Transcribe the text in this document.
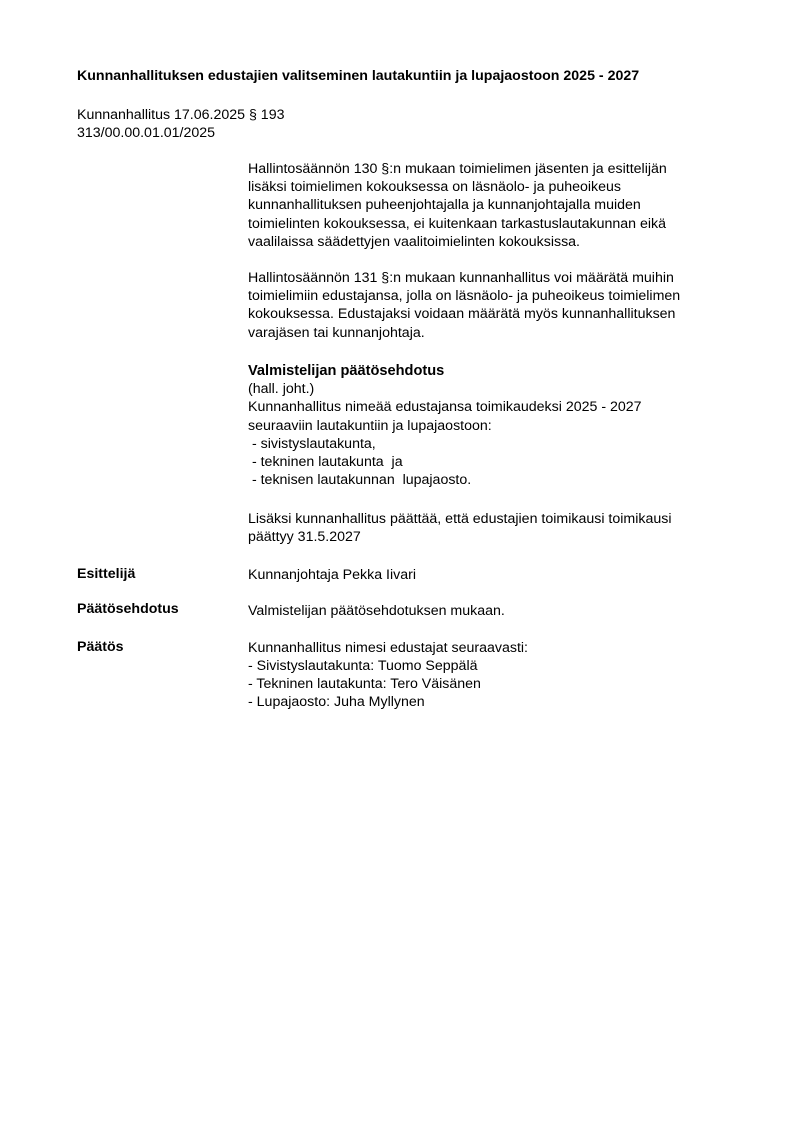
Kunnanhallituksen edustajien valitseminen lautakuntiin ja lupajaostoon 2025 - 2027
Kunnanhallitus 17.06.2025 § 193
313/00.00.01.01/2025
Hallintosäännön 130 §:n mukaan toimielimen jäsenten ja esittelijän
lisäksi toimielimen kokouksessa on läsnäolo- ja puheoikeus
kunnanhallituksen puheenjohtajalla ja kunnanjohtajalla muiden
toimielinten kokouksessa, ei kuitenkaan tarkastuslautakunnan eikä
vaalilaissa säädettyjen vaalitoimielinten kokouksissa.
Hallintosäännön 131 §:n mukaan kunnanhallitus voi määrätä muihin
toimielimiin edustajansa, jolla on läsnäolo- ja puheoikeus toimielimen
kokouksessa. Edustajaksi voidaan määrätä myös kunnanhallituksen
varajäsen tai kunnanjohtaja.
Valmistelijan päätösehdotus
(hall. joht.)
Kunnanhallitus nimeää edustajansa toimikaudeksi 2025 - 2027
seuraaviin lautakuntiin ja lupajaostoon:
- sivistyslautakunta,
- tekninen lautakunta  ja
- teknisen lautakunnan  lupajaosto.
Lisäksi kunnanhallitus päättää, että edustajien toimikausi toimikausi
päättyy 31.5.2027
Esittelijä	Kunnanjohtaja Pekka Iivari
Päätösehdotus	Valmistelijan päätösehdotuksen mukaan.
Päätös	Kunnanhallitus nimesi edustajat seuraavasti:
- Sivistyslautakunta: Tuomo Seppälä
- Tekninen lautakunta: Tero Väisänen
- Lupajaosto: Juha Myllynen
